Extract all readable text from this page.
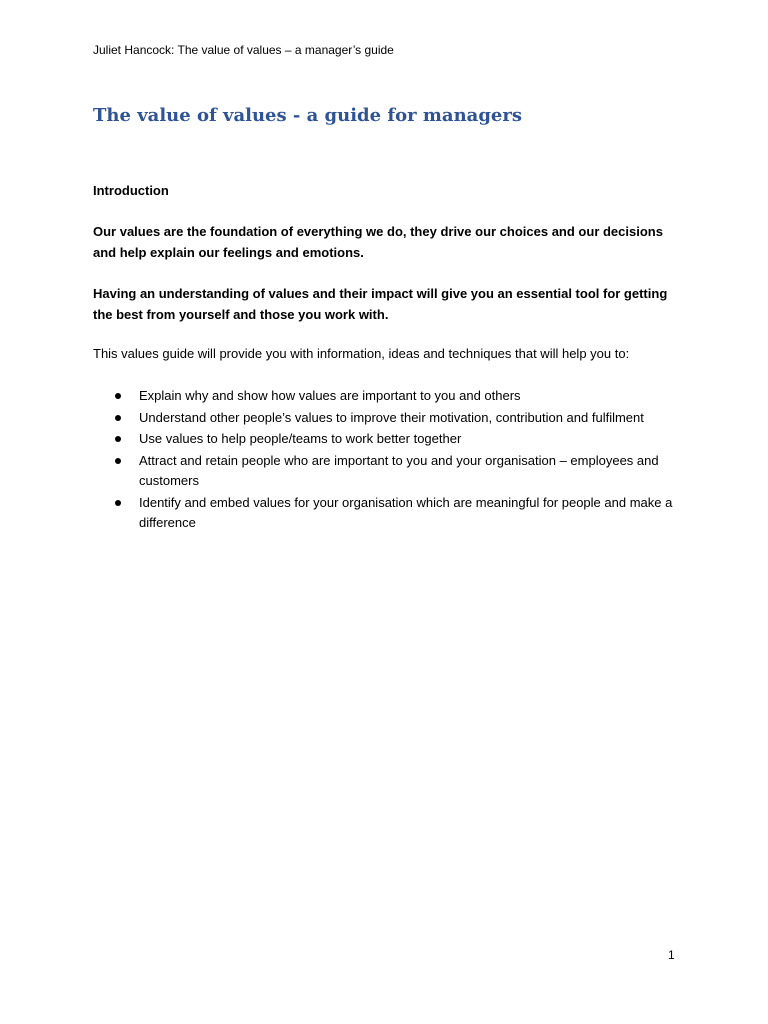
Juliet Hancock: The value of values – a manager’s guide
The value of values - a guide for managers
Introduction

Our values are the foundation of everything we do, they drive our choices and our decisions and help explain our feelings and emotions.

Having an understanding of values and their impact will give you an essential tool for getting the best from yourself and those you work with.

This values guide will provide you with information, ideas and techniques that will help you to:

Explain why and show how values are important to you and others
Understand other people’s values to improve their motivation, contribution and fulfilment
Use values to help people/teams to work better together
Attract and retain people who are important to you and your organisation – employees and customers
Identify and embed values for your organisation which are meaningful for people and make a difference
1
